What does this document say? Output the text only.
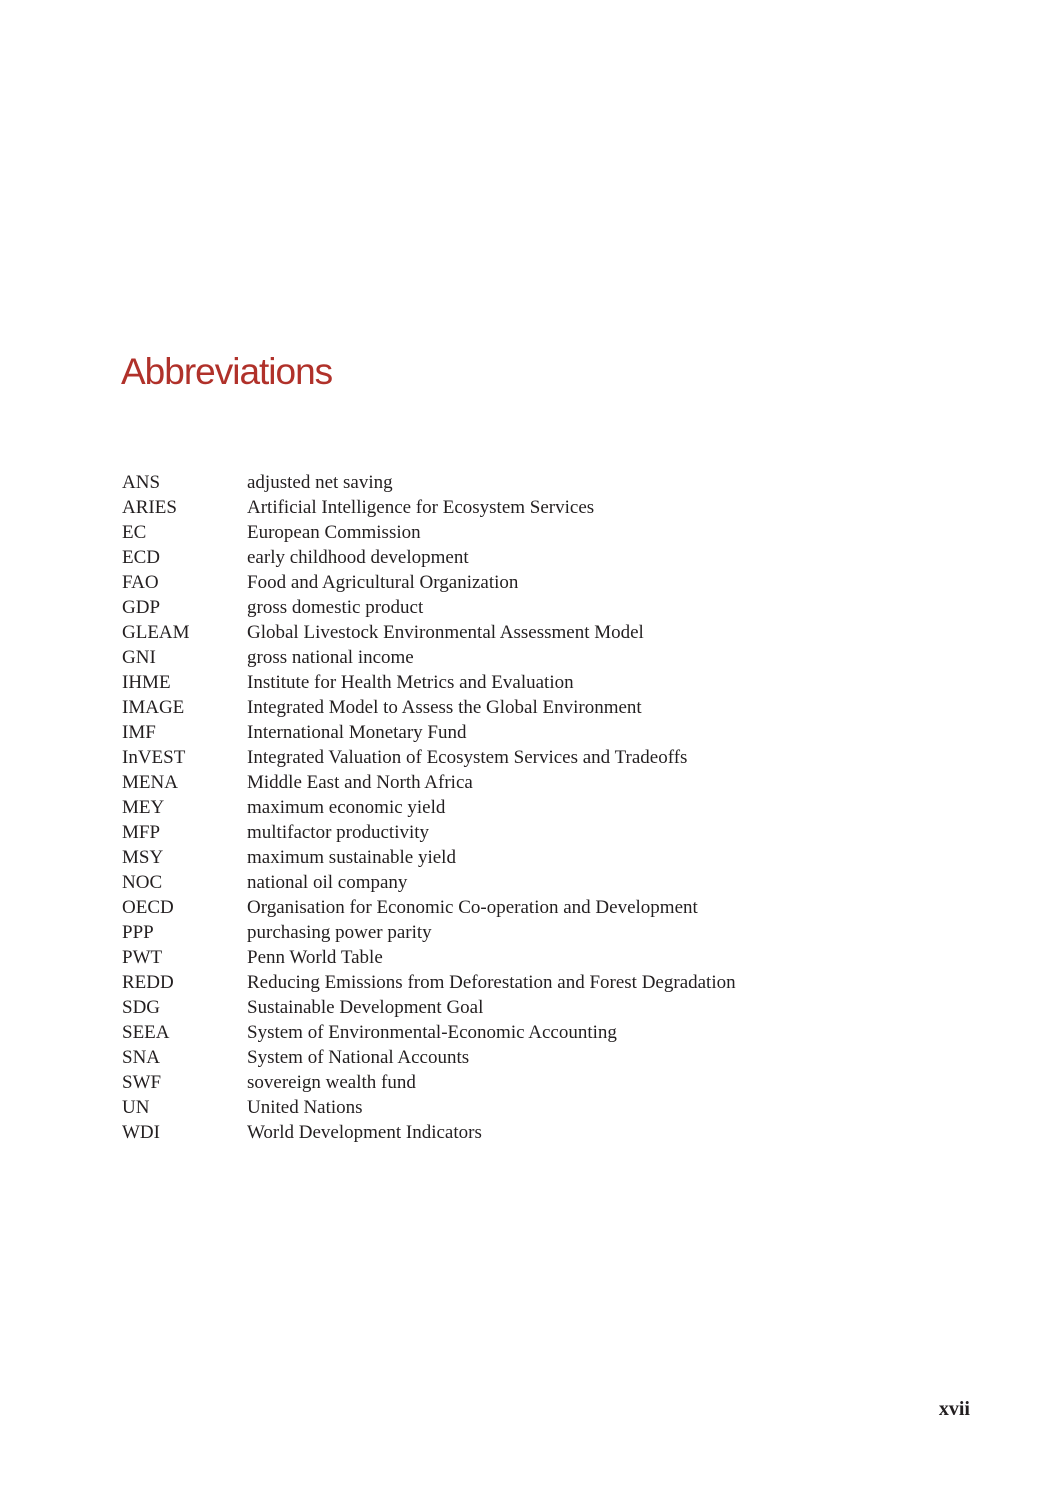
Abbreviations
ANS	adjusted net saving
ARIES	Artificial Intelligence for Ecosystem Services
EC	European Commission
ECD	early childhood development
FAO	Food and Agricultural Organization
GDP	gross domestic product
GLEAM	Global Livestock Environmental Assessment Model
GNI	gross national income
IHME	Institute for Health Metrics and Evaluation
IMAGE	Integrated Model to Assess the Global Environment
IMF	International Monetary Fund
InVEST	Integrated Valuation of Ecosystem Services and Tradeoffs
MENA	Middle East and North Africa
MEY	maximum economic yield
MFP	multifactor productivity
MSY	maximum sustainable yield
NOC	national oil company
OECD	Organisation for Economic Co-operation and Development
PPP	purchasing power parity
PWT	Penn World Table
REDD	Reducing Emissions from Deforestation and Forest Degradation
SDG	Sustainable Development Goal
SEEA	System of Environmental-Economic Accounting
SNA	System of National Accounts
SWF	sovereign wealth fund
UN	United Nations
WDI	World Development Indicators
xvii
